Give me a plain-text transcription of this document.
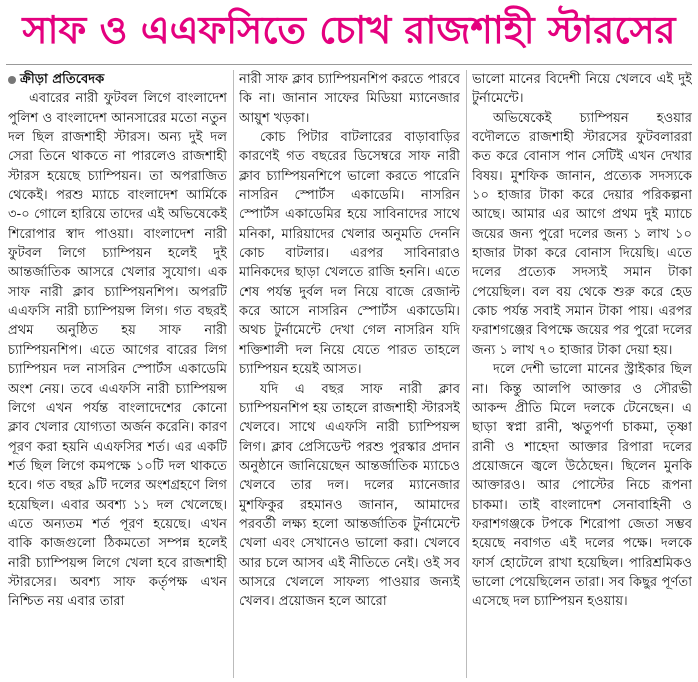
সাফ ও এএফসিতে চোখ রাজশাহী স্টারসের
ক্রীড়া প্রতিবেদক

এবারের নারী ফুটবল লিগে বাংলাদেশ পুলিশ ও বাংলাদেশ আনসারের মতো নতুন দল ছিল রাজশাহী স্টারস। অন্য দুই দল সেরা তিনে থাকতে না পারলেও রাজশাহী স্টারস হয়েছে চ্যাম্পিয়ন। তা অপরাজিত থেকেই। পরশু ম্যাচে বাংলাদেশ আর্মিকে ৩-০ গোলে হারিয়ে তাদের এই অভিষেকেই শিরোপার স্বাদ পাওয়া। বাংলাদেশ নারী ফুটবল লিগে চ্যাম্পিয়ন হলেই দুই আন্তর্জাতিক আসরে খেলার সুযোগ। এক সাফ নারী ক্লাব চ্যাম্পিয়নশিপ। অপরটি এএফসি নারী চ্যাম্পিয়ন্স লিগ। গত বছরই প্রথম অনুষ্ঠিত হয় সাফ নারী চ্যাম্পিয়নশিপ। এতে আগের বারের লিগ চ্যাম্পিয়ন দল নাসরিন স্পোর্টস একাডেমি অংশ নেয়। তবে এএফসি নারী চ্যাম্পিয়ন্স লিগে এখন পর্যন্ত বাংলাদেশের কোনো ক্লাব খেলার যোগ্যতা অর্জন করেনি। কারণ পূরণ করা হয়নি এএফসির শর্ত। এর একটি শর্ত ছিল লিগে কমপক্ষে ১০টি দল থাকতে হবে। গত বছর ৯টি দলের অংশগ্রহণে লিগ হয়েছিল। এবার অবশ্য ১১ দল খেলেছে। এতে অন্যতম শর্ত পূরণ হয়েছে। এখন বাকি কাজগুলো ঠিকমতো সম্পন্ন হলেই নারী চ্যাম্পিয়ন্স লিগে খেলা হবে রাজশাহী স্টারসের। অবশ্য সাফ কর্তৃপক্ষ এখন নিশ্চিত নয় এবার তারা

নারী সাফ ক্লাব চ্যাম্পিয়নশিপ করতে পারবে কি না। জানান সাফের মিডিয়া ম্যানেজার আয়ুশ খড়কা।

কোচ পিটার বাটলারের বাড়াবাড়ির কারণেই গত বছরের ডিসেম্বরে সাফ নারী ক্লাব চ্যাম্পিয়নশিপে ভালো করতে পারেনি নাসরিন স্পোর্টস একাডেমি। নাসরিন স্পোর্টস একাডেমির হয়ে সাবিনাদের সাথে মনিকা, মারিয়াদের খেলার অনুমতি দেননি কোচ বাটলার। এরপর সাবিনারাও মানিকদের ছাড়া খেলতে রাজি হননি। এতে শেষ পর্যন্ত দুর্বল দল নিয়ে বাজে রেজাল্ট করে আসে নাসরিন স্পোর্টস একাডেমি। অথচ টুর্নামেন্টে দেখা গেল নাসরিন যদি শক্তিশালী দল নিয়ে যেতে পারত তাহলে চ্যাম্পিয়ন হয়েই আসত।

যদি এ বছর সাফ নারী ক্লাব চ্যাম্পিয়নশিপ হয় তাহলে রাজশাহী স্টারসই খেলবে। সাথে এএফসি নারী চ্যাম্পিয়ন্স লিগ। ক্লাব প্রেসিডেন্ট পরশু পুরস্কার প্রদান অনুষ্ঠানে জানিয়েছেন আন্তর্জাতিক ম্যাচেও খেলবে তার দল। দলের ম্যানেজার মুশফিকুর রহমানও জানান, আমাদের পরবর্তী লক্ষ্য হলো আন্তর্জাতিক টুর্নামেন্টে খেলা এবং সেখানেও ভালো করা। খেলবে আর চলে আসব এই নীতিতে নেই। ওই সব আসরে খেললে সাফল্য পাওয়ার জন্যই খেলব। প্রয়োজন হলে আরো

ভালো মানের বিদেশী নিয়ে খেলবে এই দুই টুর্নামেন্টে।

অভিষেকেই চ্যাম্পিয়ন হওয়ার বদৌলতে রাজশাহী স্টারসের ফুটবলাররা কত করে বোনাস পান সেটিই এখন দেখার বিষয়। মুশফিক জানান, প্রত্যেক সদস্যকে ১০ হাজার টাকা করে দেয়ার পরিকল্পনা আছে। আমার এর আগে প্রথম দুই ম্যাচে জয়ের জন্য পুরো দলের জন্য ১ লাখ ১০ হাজার টাকা করে বোনাস দিয়েছি। এতে দলের প্রত্যেক সদস্যই সমান টাকা পেয়েছিল। বল বয় থেকে শুরু করে হেড কোচ পর্যন্ত সবাই সমান টাকা পায়। এরপর ফরাশগঞ্জের বিপক্ষে জয়ের পর পুরো দলের জন্য ১ লাখ ৭০ হাজার টাকা দেয়া হয়।

দলে দেশী ভালো মানের স্ট্রাইকার ছিল না। কিন্তু আলপি আক্তার ও সৌরভী আকন্দ প্রীতি মিলে দলকে টেনেছেন। এ ছাড়া স্বপ্না রানী, ঋতুপর্ণা চাকমা, তৃষ্ণা রানী ও শাহেদা আক্তার রিপারা দলের প্রয়োজনে জ্বলে উঠেছেন। ছিলেন মুনকি আক্তারও। আর পোস্টের নিচে রূপনা চাকমা। তাই বাংলাদেশ সেনাবাহিনী ও ফরাশগঞ্জকে টপকে শিরোপা জেতা সম্ভব হয়েছে নবাগত এই দলের পক্ষে। দলকে ফার্স হোটেলে রাখা হয়েছিল। পারিশ্রমিকও ভালো পেয়েছিলেন তারা। সব কিছুর পূর্ণতা এসেছে দল চ্যাম্পিয়ন হওয়ায়।
